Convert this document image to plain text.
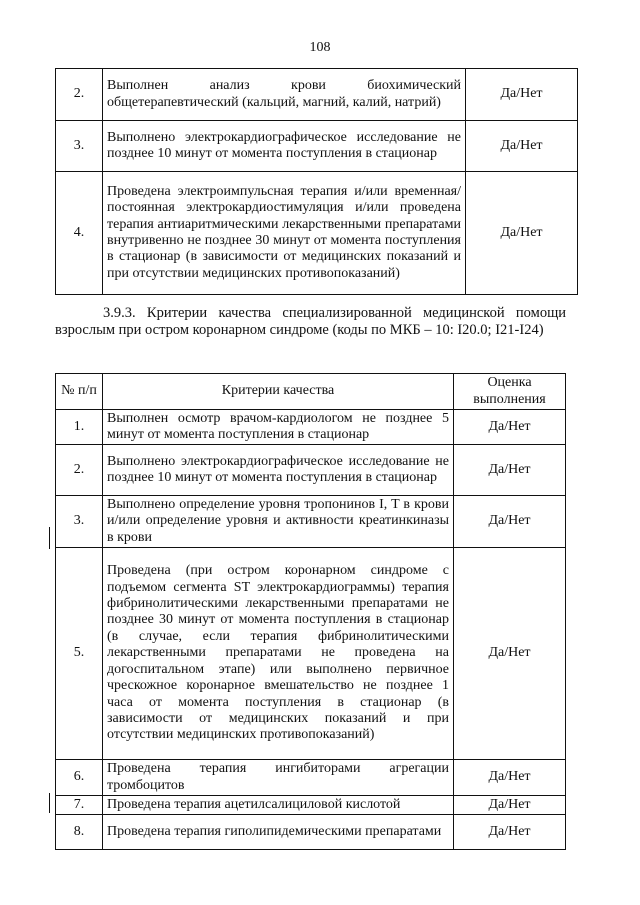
108
2.	Выполнен анализ крови биохимический общетерапевтический (кальций, магний, калий, натрий)	Да/Нет
3.	Выполнено электрокардиографическое исследование не позднее 10 минут от момента поступления в стационар	Да/Нет
4.	Проведена электроимпульсная терапия и/или временная/постоянная электрокардиостимуляция и/или проведена терапия антиаритмическими лекарственными препаратами внутривенно не позднее 30 минут от момента поступления в стационар (в зависимости от медицинских показаний и при отсутствии медицинских противопоказаний)	Да/Нет
3.9.3. Критерии качества специализированной медицинской помощи взрослым при остром коронарном синдроме (коды по МКБ – 10: I20.0; I21-I24)
№ п/п	Критерии качества	Оценка выполнения
1.	Выполнен осмотр врачом-кардиологом не позднее 5 минут от момента поступления в стационар	Да/Нет
2.	Выполнено электрокардиографическое исследование не позднее 10 минут от момента поступления в стационар	Да/Нет
3.	Выполнено определение уровня тропонинов I, T в крови и/или определение уровня и активности креатинкиназы в крови	Да/Нет
5.	Проведена (при остром коронарном синдроме с подъемом сегмента ST электрокардиограммы) терапия фибринолитическими лекарственными препаратами не позднее 30 минут от момента поступления в стационар (в случае, если терапия фибринолитическими лекарственными препаратами не проведена на догоспитальном этапе) или выполнено первичное чрескожное коронарное вмешательство не позднее 1 часа от момента поступления в стационар (в зависимости от медицинских показаний и при отсутствии медицинских противопоказаний)	Да/Нет
6.	Проведена терапия ингибиторами агрегации тромбоцитов	Да/Нет
7.	Проведена терапия ацетилсалициловой кислотой	Да/Нет
8.	Проведена терапия гиполипидемическими препаратами	Да/Нет
